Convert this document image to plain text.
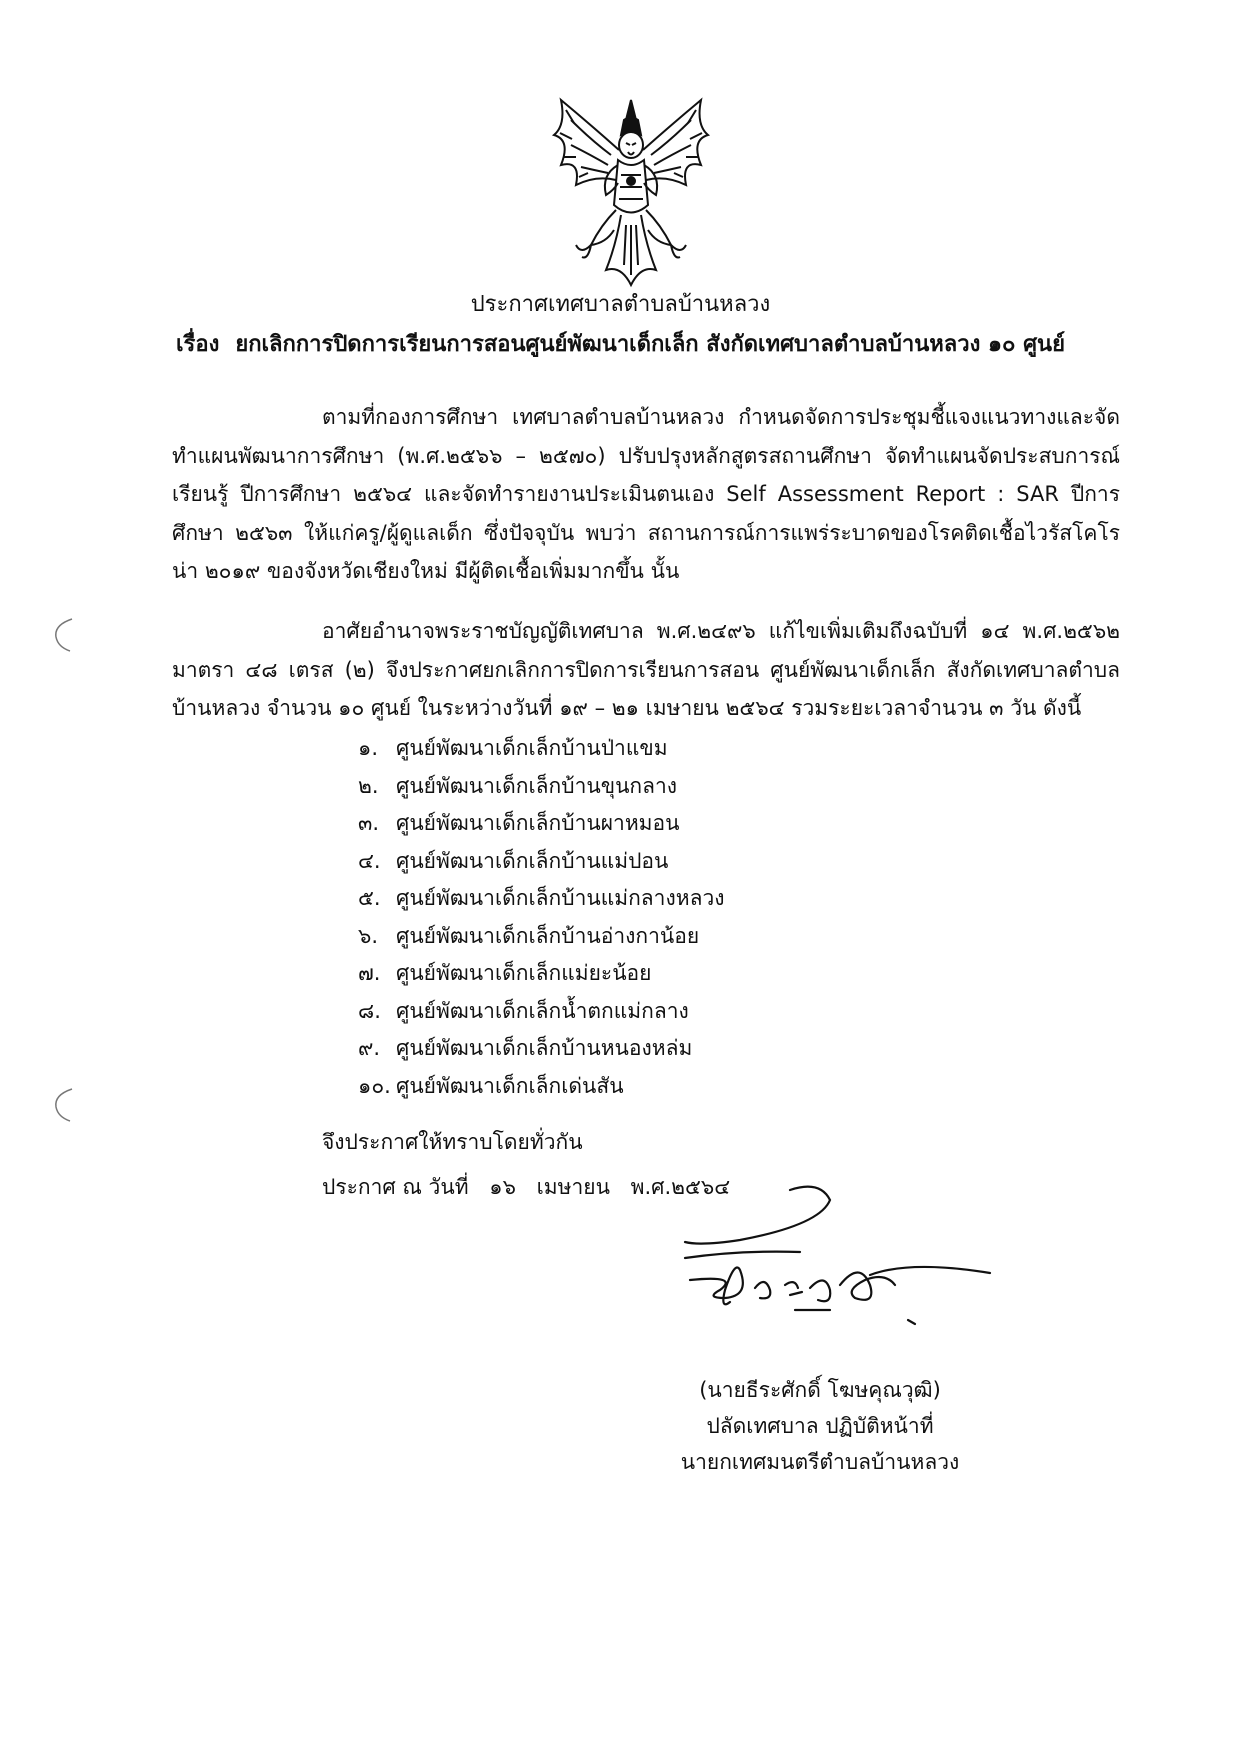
ประกาศเทศบาลตำบลบ้านหลวง
เรื่อง ยกเลิกการปิดการเรียนการสอนศูนย์พัฒนาเด็กเล็ก สังกัดเทศบาลตำบลบ้านหลวง ๑๐ ศูนย์

ตามที่กองการศึกษา เทศบาลตำบลบ้านหลวง กำหนดจัดการประชุมชี้แจงแนวทางและจัดทำแผนพัฒนาการศึกษา (พ.ศ.๒๕๖๖ – ๒๕๗๐) ปรับปรุงหลักสูตรสถานศึกษา จัดทำแผนจัดประสบการณ์เรียนรู้ ปีการศึกษา ๒๕๖๔ และจัดทำรายงานประเมินตนเอง Self Assessment Report : SAR ปีการศึกษา ๒๕๖๓ ให้แก่ครู/ผู้ดูแลเด็ก ซึ่งปัจจุบัน พบว่า สถานการณ์การแพร่ระบาดของโรคติดเชื้อไวรัสโคโรน่า ๒๐๑๙ ของจังหวัดเชียงใหม่ มีผู้ติดเชื้อเพิ่มมากขึ้น นั้น

อาศัยอำนาจพระราชบัญญัติเทศบาล พ.ศ.๒๔๙๖ แก้ไขเพิ่มเติมถึงฉบับที่ ๑๔ พ.ศ.๒๕๖๒ มาตรา ๔๘ เตรส (๒) จึงประกาศยกเลิกการปิดการเรียนการสอน ศูนย์พัฒนาเด็กเล็ก สังกัดเทศบาลตำบลบ้านหลวง จำนวน ๑๐ ศูนย์ ในระหว่างวันที่ ๑๙ – ๒๑ เมษายน ๒๕๖๔ รวมระยะเวลาจำนวน ๓ วัน ดังนี้

๑. ศูนย์พัฒนาเด็กเล็กบ้านป่าแขม
๒. ศูนย์พัฒนาเด็กเล็กบ้านขุนกลาง
๓. ศูนย์พัฒนาเด็กเล็กบ้านผาหมอน
๔. ศูนย์พัฒนาเด็กเล็กบ้านแม่ปอน
๕. ศูนย์พัฒนาเด็กเล็กบ้านแม่กลางหลวง
๖. ศูนย์พัฒนาเด็กเล็กบ้านอ่างกาน้อย
๗. ศูนย์พัฒนาเด็กเล็กแม่ยะน้อย
๘. ศูนย์พัฒนาเด็กเล็กน้ำตกแม่กลาง
๙. ศูนย์พัฒนาเด็กเล็กบ้านหนองหล่ม
๑๐. ศูนย์พัฒนาเด็กเล็กเด่นสัน
จึงประกาศให้ทราบโดยทั่วกัน
ประกาศ ณ วันที่ ๑๖ เมษายน พ.ศ.๒๕๖๔
(นายธีระศักดิ์ โฆษคุณวุฒิ)
ปลัดเทศบาล ปฏิบัติหน้าที่
นายกเทศมนตรีตำบลบ้านหลวง
